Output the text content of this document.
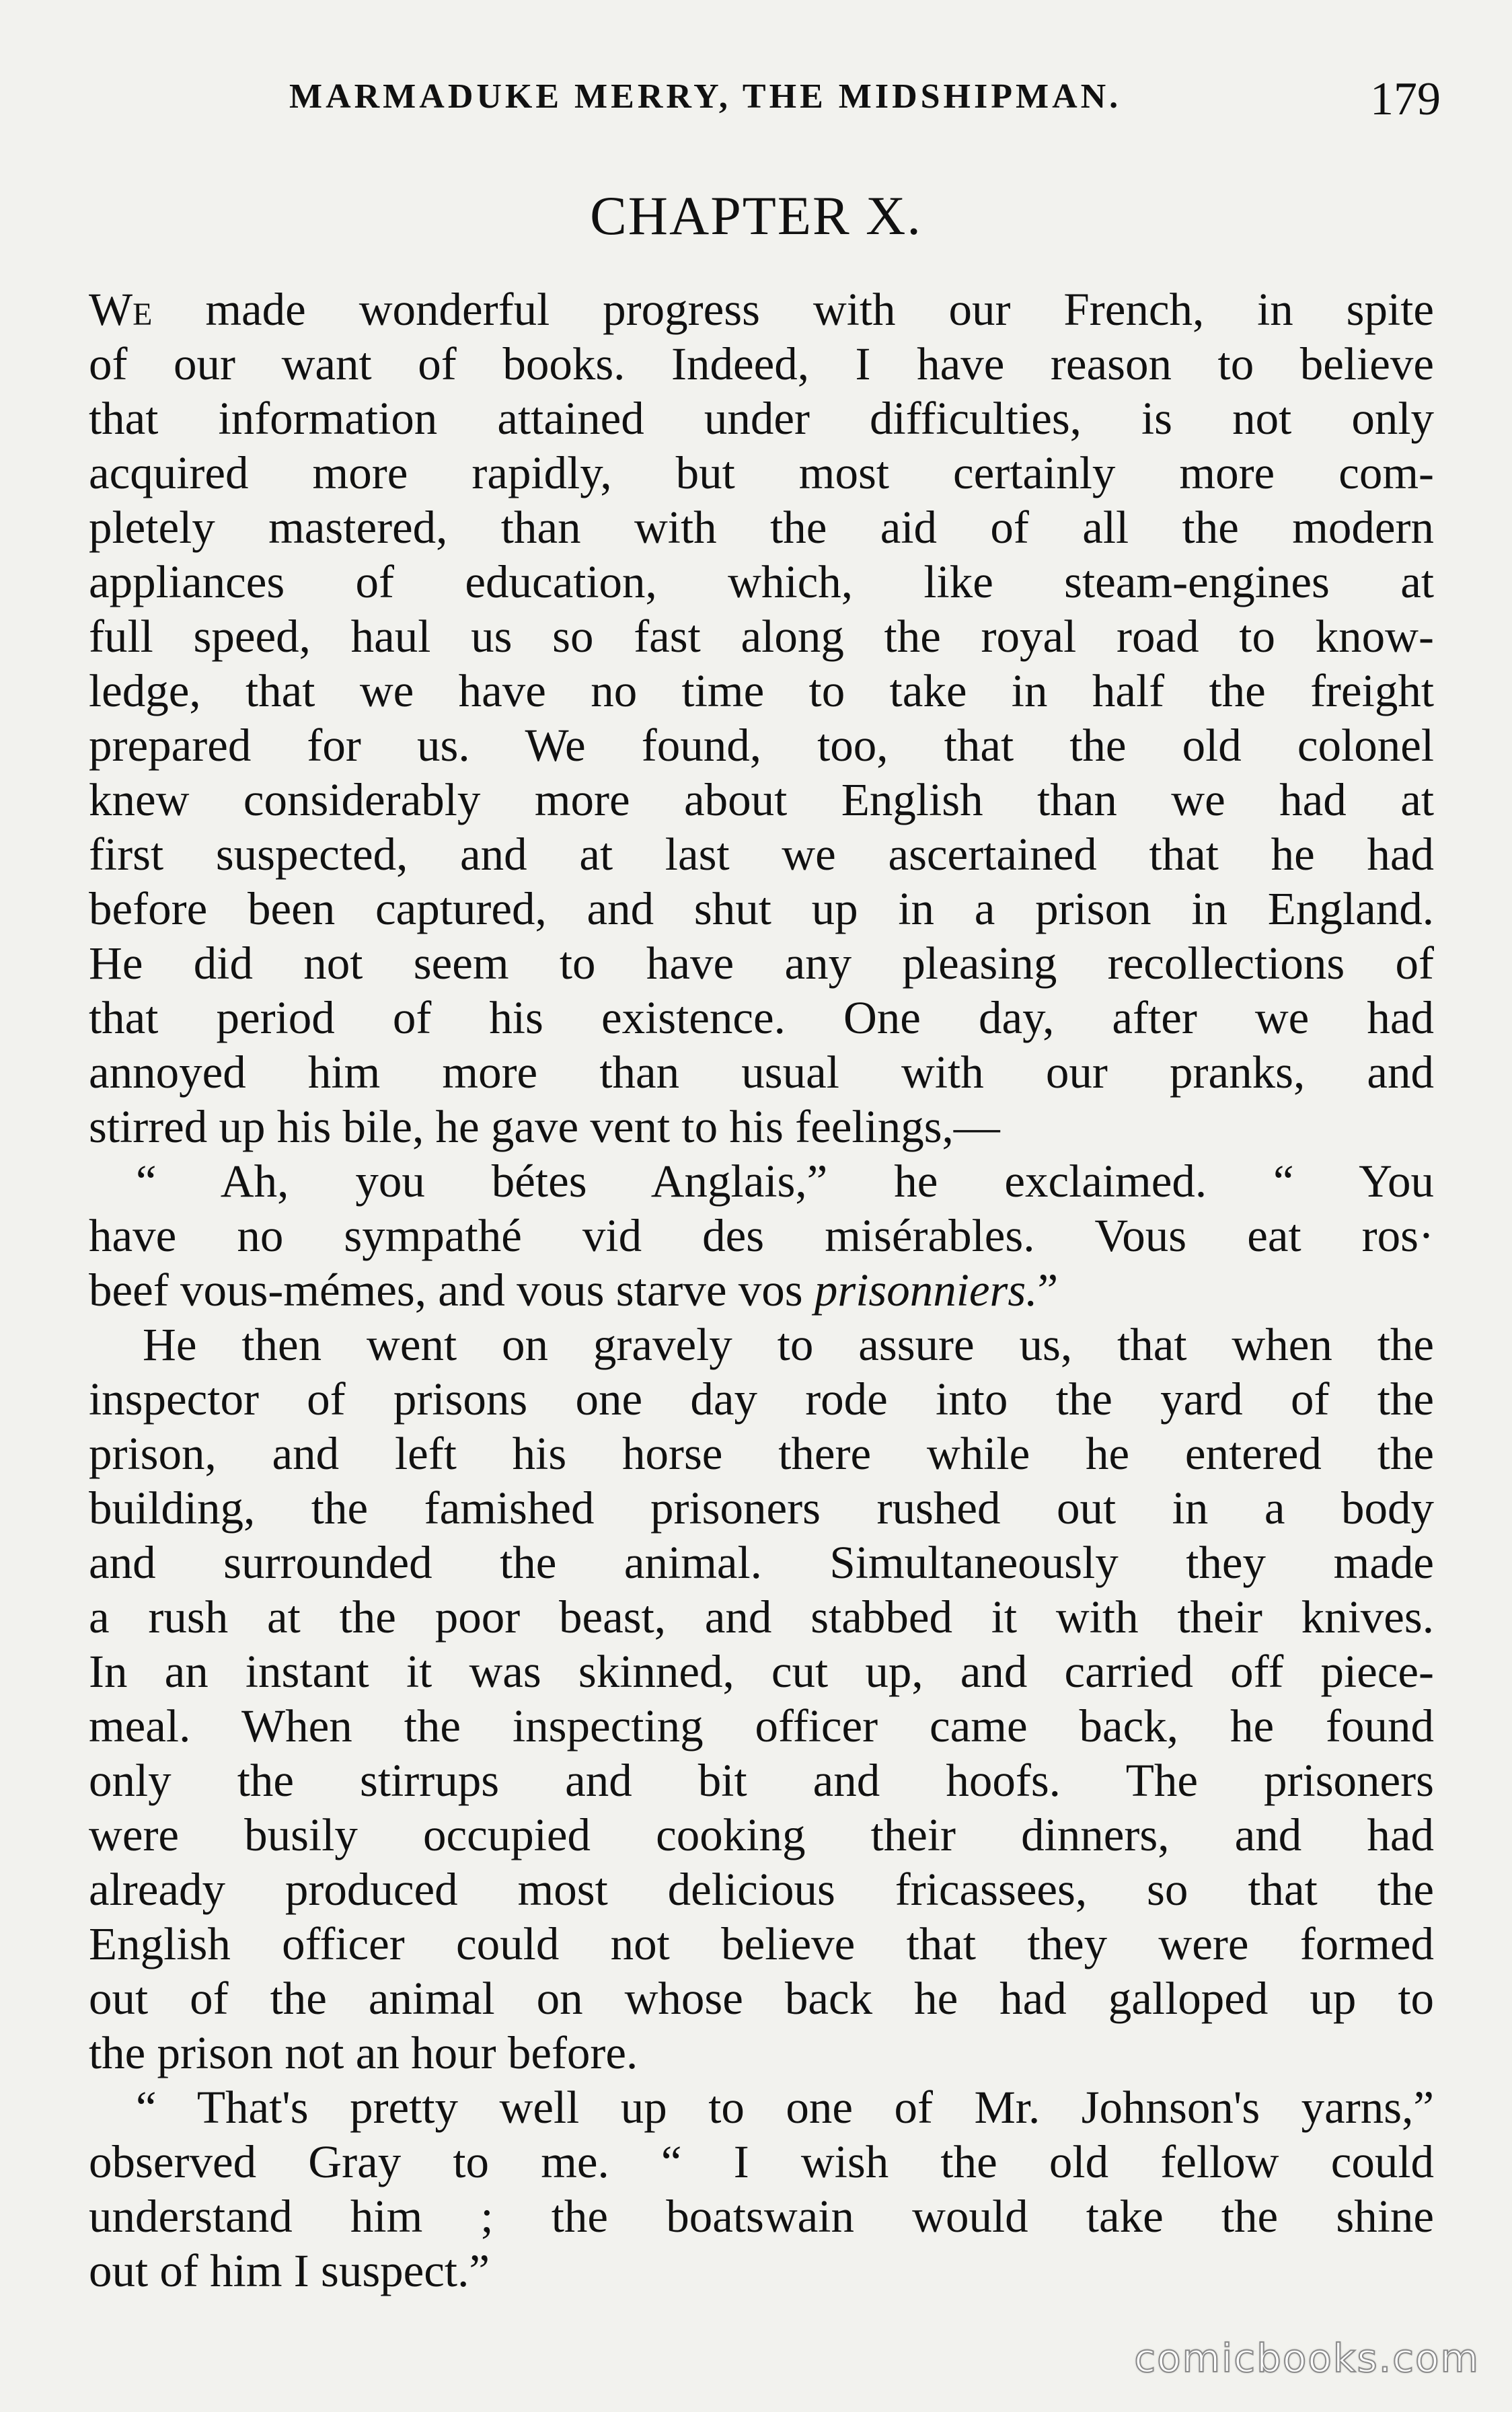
MARMADUKE MERRY, THE MIDSHIPMAN.	179
CHAPTER X.
We made wonderful progress with our French, in spite
of our want of books. Indeed, I have reason to believe
that information attained under difficulties, is not only
acquired more rapidly, but most certainly more com-
pletely mastered, than with the aid of all the modern
appliances of education, which, like steam-engines at
full speed, haul us so fast along the royal road to know-
ledge, that we have no time to take in half the freight
prepared for us. We found, too, that the old colonel
knew considerably more about English than we had at
first suspected, and at last we ascertained that he had
before been captured, and shut up in a prison in England.
He did not seem to have any pleasing recollections of
that period of his existence. One day, after we had
annoyed him more than usual with our pranks, and
stirred up his bile, he gave vent to his feelings,—
“ Ah, you bétes Anglais,” he exclaimed. “ You
have no sympathé vid des misérables. Vous eat ros·
beef vous-mémes, and vous starve vos prisonniers.”
He then went on gravely to assure us, that when the
inspector of prisons one day rode into the yard of the
prison, and left his horse there while he entered the
building, the famished prisoners rushed out in a body
and surrounded the animal. Simultaneously they made
a rush at the poor beast, and stabbed it with their knives.
In an instant it was skinned, cut up, and carried off piece-
meal. When the inspecting officer came back, he found
only the stirrups and bit and hoofs. The prisoners
were busily occupied cooking their dinners, and had
already produced most delicious fricassees, so that the
English officer could not believe that they were formed
out of the animal on whose back he had galloped up to
the prison not an hour before.
“ That's pretty well up to one of Mr. Johnson's yarns,”
observed Gray to me. “ I wish the old fellow could
understand him ; the boatswain would take the shine
out of him I suspect.”
comicbooks.com
